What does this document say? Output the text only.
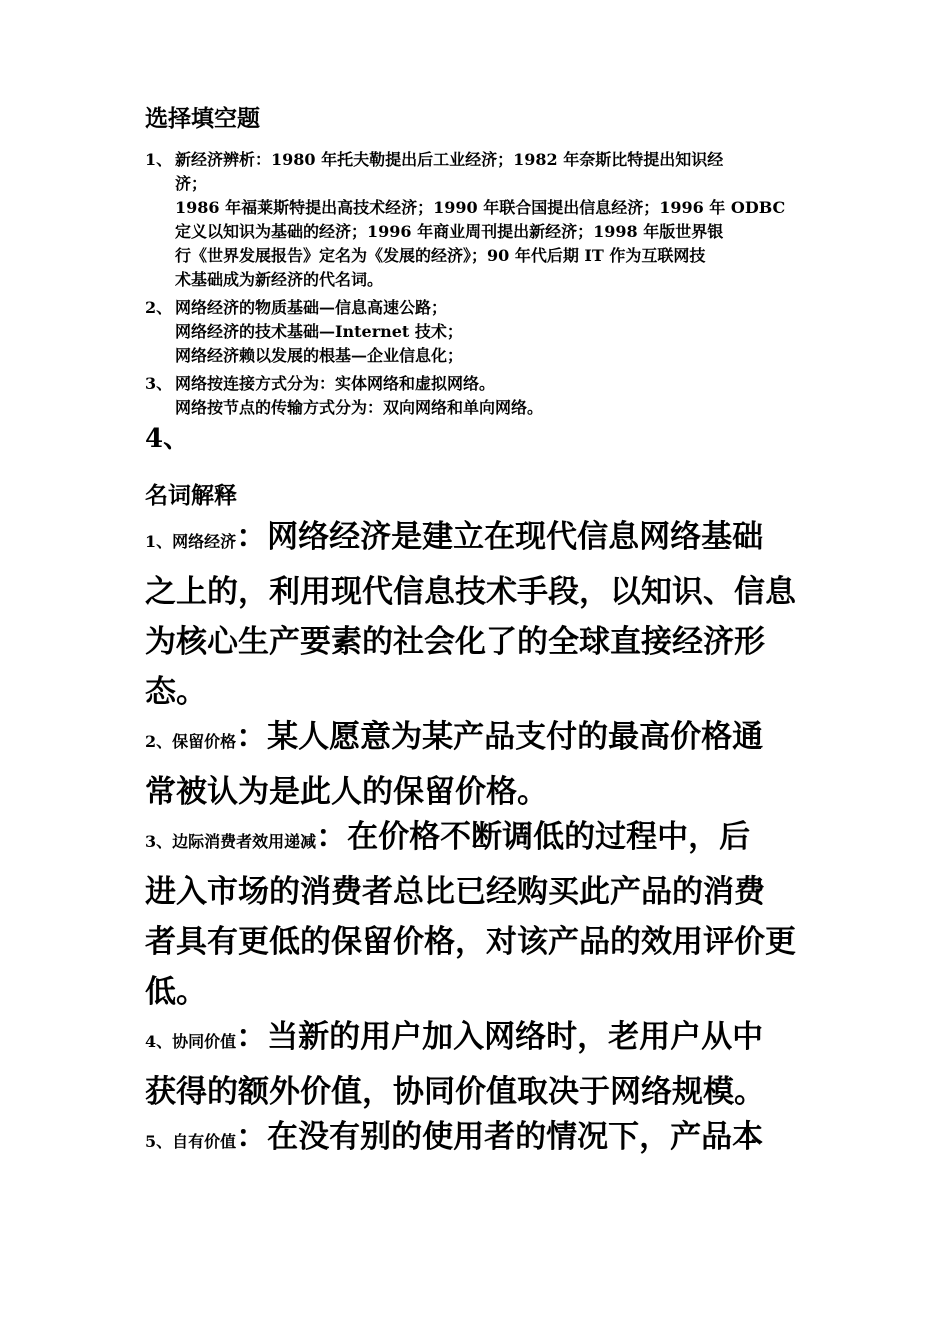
选择填空题
1、 新经济辨析：1980 年托夫勒提出后工业经济；1982 年奈斯比特提出知识经
济；
1986 年福莱斯特提出高技术经济；1990 年联合国提出信息经济；1996 年 ODBC
定义以知识为基础的经济；1996 年商业周刊提出新经济；1998 年版世界银
行《世界发展报告》定名为《发展的经济》；90 年代后期 IT 作为互联网技
术基础成为新经济的代名词。
2、 网络经济的物质基础—信息高速公路；
网络经济的技术基础—Internet 技术；
网络经济赖以发展的根基—企业信息化；
3、 网络按连接方式分为：实体网络和虚拟网络。
网络按节点的传输方式分为：双向网络和单向网络。
4、
名词解释
1、网络经济：网络经济是建立在现代信息网络基础
之上的，利用现代信息技术手段，以知识、信息
为核心生产要素的社会化了的全球直接经济形
态。
2、保留价格：某人愿意为某产品支付的最高价格通
常被认为是此人的保留价格。
3、边际消费者效用递减：在价格不断调低的过程中，后
进入市场的消费者总比已经购买此产品的消费
者具有更低的保留价格，对该产品的效用评价更
低。
4、协同价值：当新的用户加入网络时，老用户从中
获得的额外价值，协同价值取决于网络规模。
5、自有价值：在没有别的使用者的情况下，产品本
